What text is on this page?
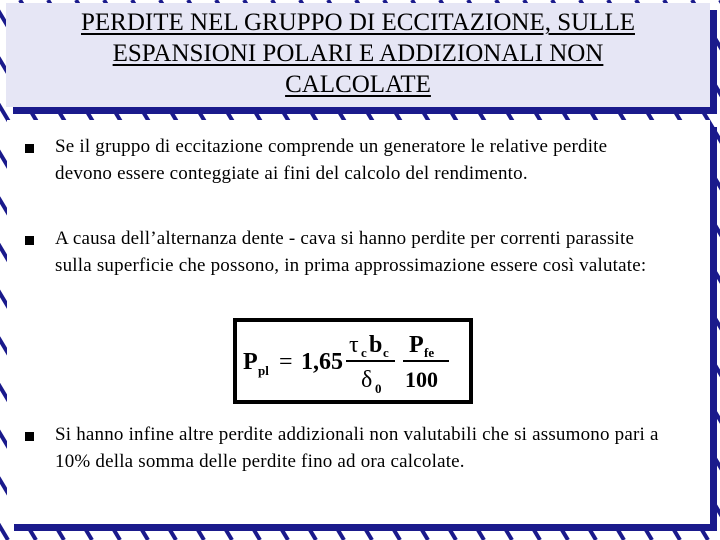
PERDITE NEL GRUPPO DI ECCITAZIONE, SULLE
ESPANSIONI POLARI E ADDIZIONALI NON
CALCOLATE
Se il gruppo di eccitazione comprende un generatore le relative perdite devono essere conteggiate ai fini del calcolo del rendimento.
A causa dell’alternanza dente - cava si hanno perdite per correnti parassite sulla superficie che possono, in prima approssimazione essere così valutate:
P pl = 1,65
τ c b c
δ 0
P fe
100
Si hanno infine altre perdite addizionali non valutabili che si assumono pari a 10% della somma delle perdite fino ad ora calcolate.
